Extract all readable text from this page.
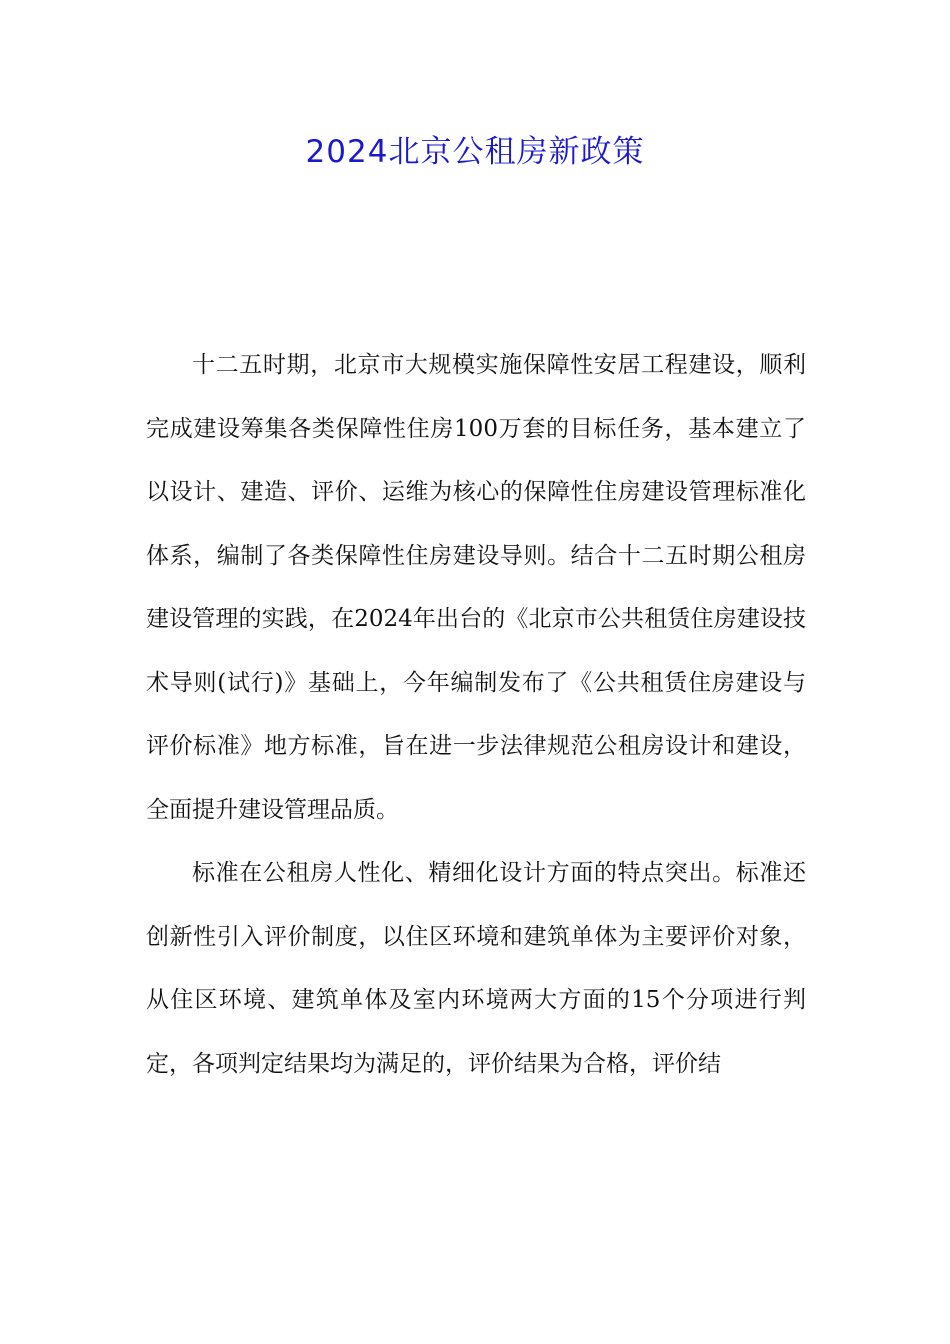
2024北京公租房新政策

十二五时期，北京市大规模实施保障性安居工程建设，顺利完成建设筹集各类保障性住房100万套的目标任务，基本建立了以设计、建造、评价、运维为核心的保障性住房建设管理标准化体系，编制了各类保障性住房建设导则。结合十二五时期公租房建设管理的实践，在2024年出台的《北京市公共租赁住房建设技术导则(试行)》基础上，今年编制发布了《公共租赁住房建设与评价标准》地方标准，旨在进一步法律规范公租房设计和建设，全面提升建设管理品质。

标准在公租房人性化、精细化设计方面的特点突出。标准还创新性引入评价制度，以住区环境和建筑单体为主要评价对象，从住区环境、建筑单体及室内环境两大方面的15个分项进行判定，各项判定结果均为满足的，评价结果为合格，评价结
